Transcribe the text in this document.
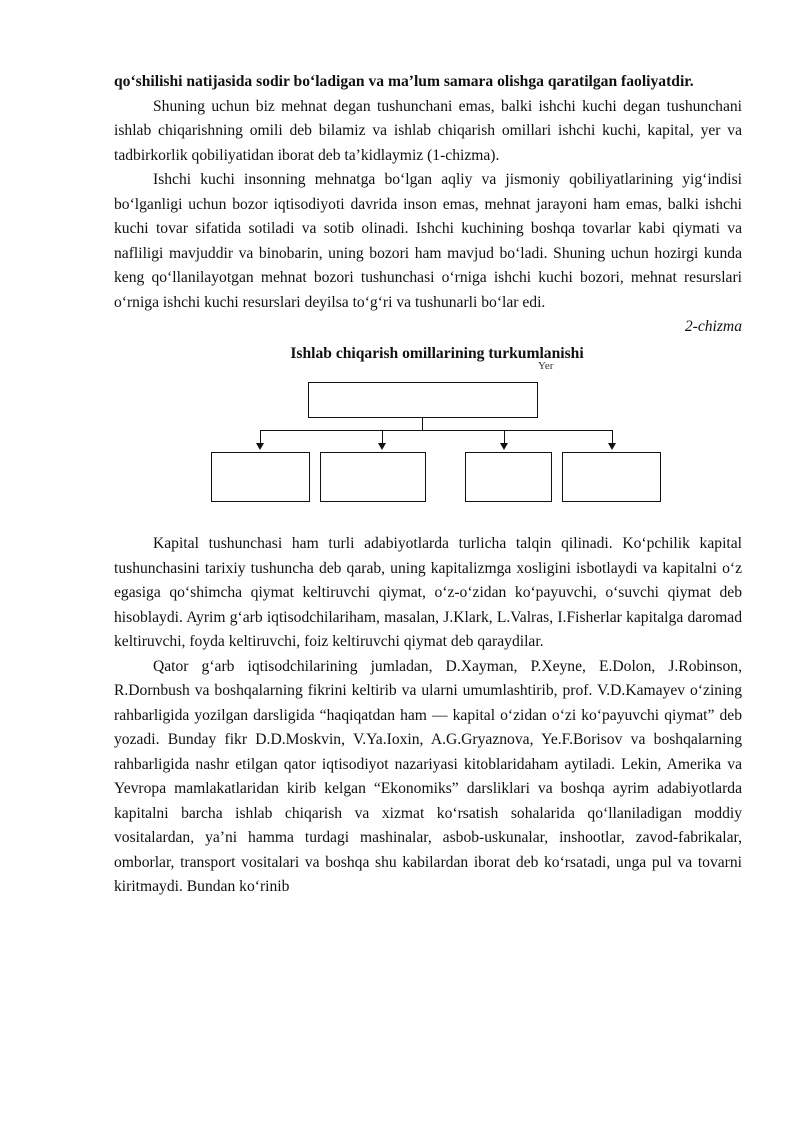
qo‘shilishi natijasida sodir bo‘ladigan va ma’lum samara olishga qaratilgan faoliyatdir.

Shuning uchun biz mehnat degan tushunchani emas, balki ishchi kuchi degan tushunchani ishlab chiqarishning omili deb bilamiz va ishlab chiqarish omillari ishchi kuchi, kapital, yer va tadbirkorlik qobiliyatidan iborat deb ta’kidlaymiz (1-chizma).

Ishchi kuchi insonning mehnatga bo‘lgan aqliy va jismoniy qobiliyatlarining yig‘indisi bo‘lganligi uchun bozor iqtisodiyoti davrida inson emas, mehnat jarayoni ham emas, balki ishchi kuchi tovar sifatida sotiladi va sotib olinadi. Ishchi kuchining boshqa tovarlar kabi qiymati va nafliligi mavjuddir va binobarin, uning bozori ham mavjud bo‘ladi. Shuning uchun hozirgi kunda keng qo‘llanilayotgan mehnat bozori tushunchasi o‘rniga ishchi kuchi bozori, mehnat resurslari o‘rniga ishchi kuchi resurslari deyilsa to‘g‘ri va tushunarli bo‘lar edi.

2-chizma
Ishlab chiqarish omillarining turkumlanishi

Kapital tushunchasi ham turli adabiyotlarda turlicha talqin qilinadi. Ko‘pchilik kapital tushunchasini tarixiy tushuncha deb qarab, uning kapitalizmga xosligini isbotlaydi va kapitalni o‘z egasiga qo‘shimcha qiymat keltiruvchi qiymat, o‘z-o‘zidan ko‘payuvchi, o‘suvchi qiymat deb hisoblaydi. Ayrim g‘arb iqtisodchilariham, masalan, J.Klark, L.Valras, I.Fisherlar kapitalga daromad keltiruvchi, foyda keltiruvchi, foiz keltiruvchi qiymat deb qaraydilar.

Qator g‘arb iqtisodchilarining jumladan, D.Xayman, P.Xeyne, E.Dolon, J.Robinson, R.Dornbush va boshqalarning fikrini keltirib va ularni umumlashtirib, prof. V.D.Kamayev o‘zining rahbarligida yozilgan darsligida “haqiqatdan ham — kapital o‘zidan o‘zi ko‘payuvchi qiymat” deb yozadi. Bunday fikr D.D.Moskvin, V.Ya.Ioxin, A.G.Gryaznova, Ye.F.Borisov va boshqalarning rahbarligida nashr etilgan qator iqtisodiyot nazariyasi kitoblaridaham aytiladi. Lekin, Amerika va Yevropa mamlakatlaridan kirib kelgan “Ekonomiks” darsliklari va boshqa ayrim adabiyotlarda kapitalni barcha ishlab chiqarish va xizmat ko‘rsatish sohalarida qo‘llaniladigan moddiy vositalardan, ya’ni hamma turdagi mashinalar, asbob-uskunalar, inshootlar, zavod-fabrikalar, omborlar, transport vositalari va boshqa shu kabilardan iborat deb ko‘rsatadi, unga pul va tovarni kiritmaydi. Bundan ko‘rinib

Yer
